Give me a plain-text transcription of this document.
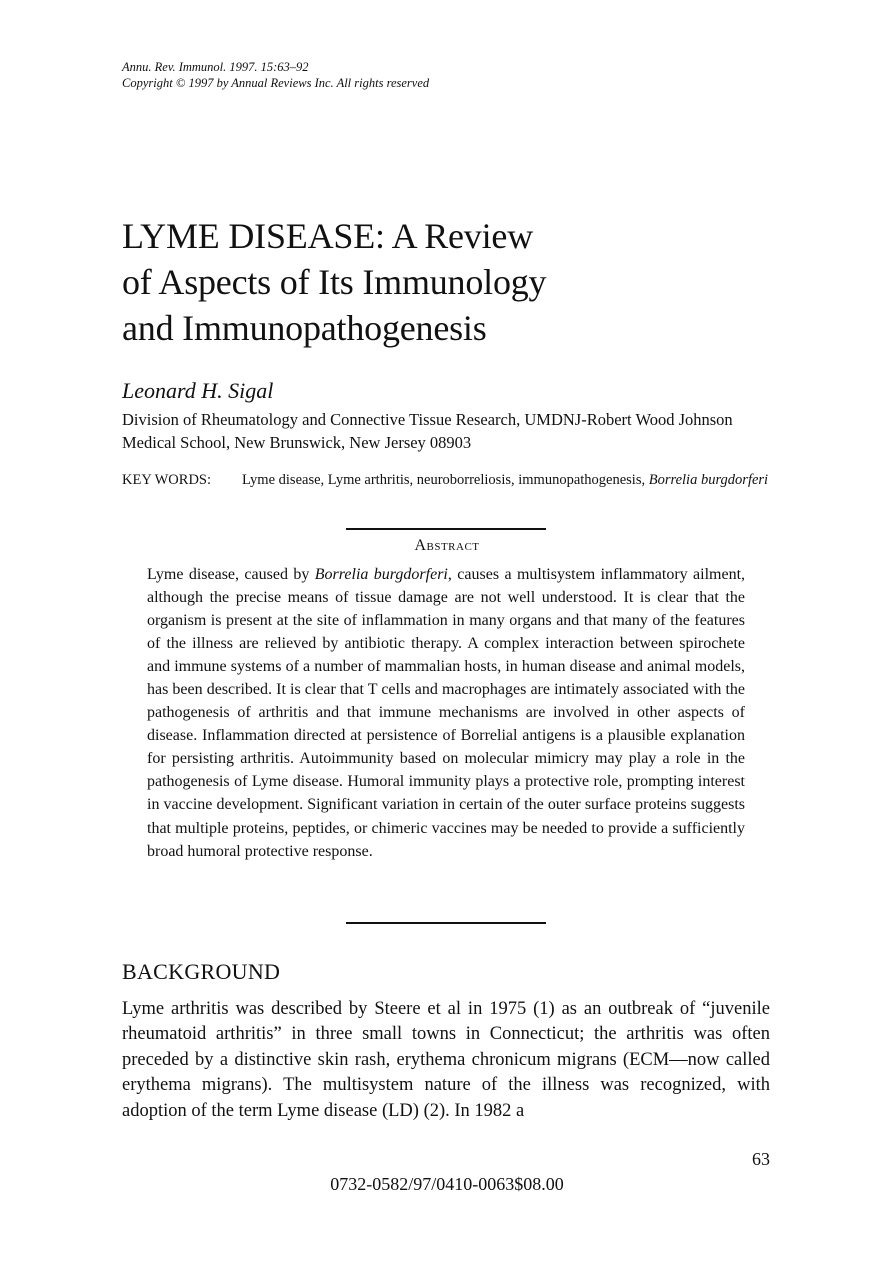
Annu. Rev. Immunol. 1997. 15:63–92
Copyright © 1997 by Annual Reviews Inc. All rights reserved
LYME DISEASE: A Review
of Aspects of Its Immunology
and Immunopathogenesis
Leonard H. Sigal
Division of Rheumatology and Connective Tissue Research, UMDNJ-Robert Wood Johnson Medical School, New Brunswick, New Jersey 08903
KEY WORDS:	Lyme disease, Lyme arthritis, neuroborreliosis, immunopathogenesis, Borrelia burgdorferi
Abstract
Lyme disease, caused by Borrelia burgdorferi, causes a multisystem inflammatory ailment, although the precise means of tissue damage are not well understood. It is clear that the organism is present at the site of inflammation in many organs and that many of the features of the illness are relieved by antibiotic therapy. A complex interaction between spirochete and immune systems of a number of mammalian hosts, in human disease and animal models, has been described. It is clear that T cells and macrophages are intimately associated with the pathogenesis of arthritis and that immune mechanisms are involved in other aspects of disease. Inflammation directed at persistence of Borrelial antigens is a plausible explanation for persisting arthritis. Autoimmunity based on molecular mimicry may play a role in the pathogenesis of Lyme disease. Humoral immunity plays a protective role, prompting interest in vaccine development. Significant variation in certain of the outer surface proteins suggests that multiple proteins, peptides, or chimeric vaccines may be needed to provide a sufficiently broad humoral protective response.
BACKGROUND
Lyme arthritis was described by Steere et al in 1975 (1) as an outbreak of “juvenile rheumatoid arthritis” in three small towns in Connecticut; the arthritis was often preceded by a distinctive skin rash, erythema chronicum migrans (ECM—now called erythema migrans). The multisystem nature of the illness was recognized, with adoption of the term Lyme disease (LD) (2). In 1982 a
63
0732-0582/97/0410-0063$08.00
